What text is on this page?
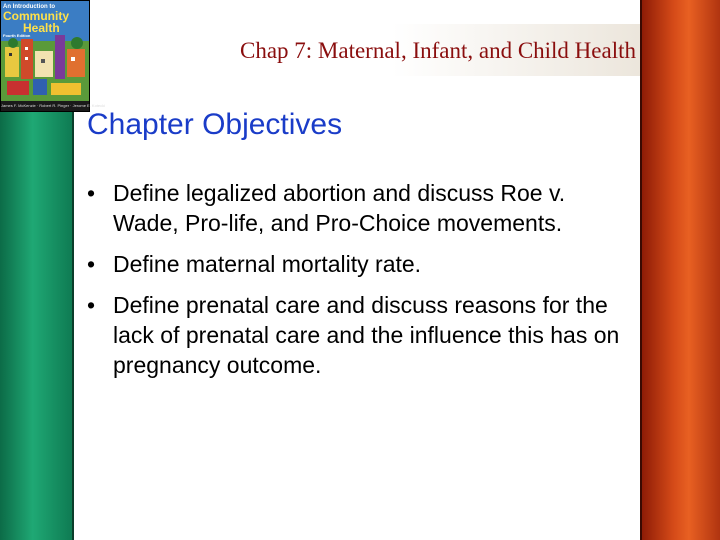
Chap 7: Maternal, Infant, and Child Health
An Introduction to
Community
Health
Fourth Edition
James F. McKenzie · Robert R. Pinger · Jerome E. Kotecki
Chapter Objectives
• Define legalized abortion and discuss Roe v. Wade, Pro-life, and Pro-Choice movements.
• Define maternal mortality rate.
• Define prenatal care and discuss reasons for the lack of prenatal care and the influence this has on pregnancy outcome.
